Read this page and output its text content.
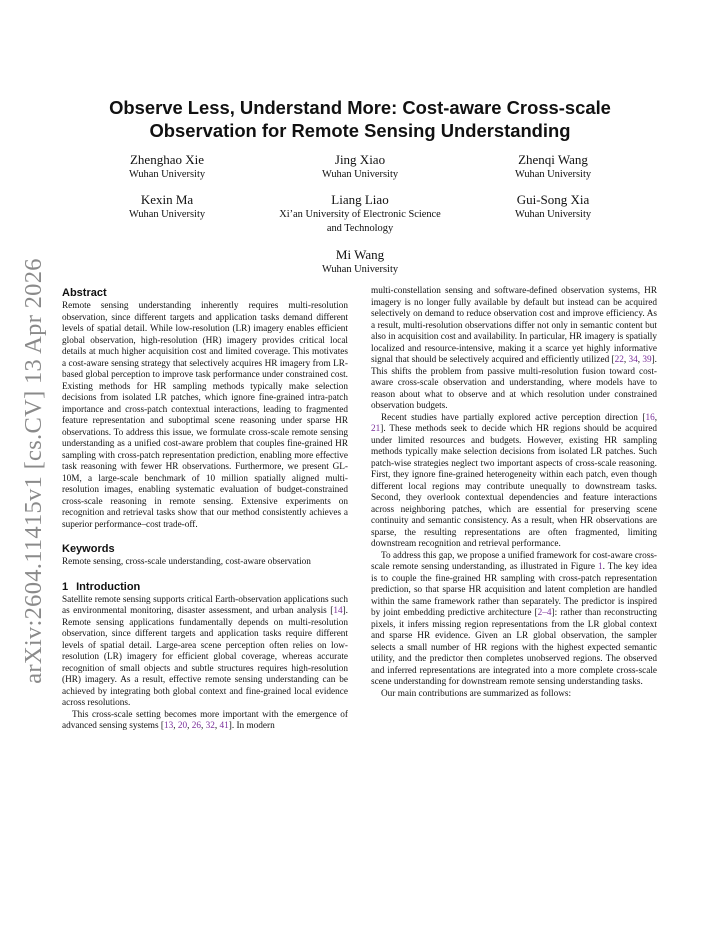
arXiv:2604.11415v1 [cs.CV] 13 Apr 2026
Observe Less, Understand More: Cost-aware Cross-scale
Observation for Remote Sensing Understanding
Zhenghao Xie
Wuhan University
Jing Xiao
Wuhan University
Zhenqi Wang
Wuhan University
Kexin Ma
Wuhan University
Liang Liao
Xi’an University of Electronic Science
and Technology
Gui-Song Xia
Wuhan University
Mi Wang
Wuhan University
Abstract

Remote sensing understanding inherently requires multi-resolution observation, since different targets and application tasks demand different levels of spatial detail. While low-resolution (LR) imagery enables efficient global observation, high-resolution (HR) imagery provides critical local details at much higher acquisition cost and limited coverage. This motivates a cost-aware sensing strategy that selectively acquires HR imagery from LR-based global perception to improve task performance under constrained cost. Existing methods for HR sampling methods typically make selection decisions from isolated LR patches, which ignore fine-grained intra-patch importance and cross-patch contextual interactions, leading to fragmented feature representation and suboptimal scene reasoning under sparse HR observations. To address this issue, we formulate cross-scale remote sensing understanding as a unified cost-aware problem that couples fine-grained HR sampling with cross-patch representation prediction, enabling more effective task reasoning with fewer HR observations. Furthermore, we present GL-10M, a large-scale benchmark of 10 million spatially aligned multi-resolution images, enabling systematic evaluation of budget-constrained cross-scale reasoning in remote sensing. Extensive experiments on recognition and retrieval tasks show that our method consistently achieves a superior performance–cost trade-off.

Keywords

Remote sensing, cross-scale understanding, cost-aware observation

1 Introduction

Satellite remote sensing supports critical Earth-observation applications such as environmental monitoring, disaster assessment, and urban analysis [14]. Remote sensing applications fundamentally depends on multi-resolution observation, since different targets and application tasks require different levels of spatial detail. Large-area scene perception often relies on low-resolution (LR) imagery for efficient global coverage, whereas accurate recognition of small objects and subtle structures requires high-resolution (HR) imagery. As a result, effective remote sensing understanding can be achieved by integrating both global context and fine-grained local evidence across resolutions.

This cross-scale setting becomes more important with the emergence of advanced sensing systems [13, 20, 26, 32, 41]. In modern

multi-constellation sensing and software-defined observation systems, HR imagery is no longer fully available by default but instead can be acquired selectively on demand to reduce observation cost and improve efficiency. As a result, multi-resolution observations differ not only in semantic content but also in acquisition cost and availability. In particular, HR imagery is spatially localized and resource-intensive, making it a scarce yet highly informative signal that should be selectively acquired and efficiently utilized [22, 34, 39]. This shifts the problem from passive multi-resolution fusion toward cost-aware cross-scale observation and understanding, where models have to reason about what to observe and at which resolution under constrained observation budgets.

Recent studies have partially explored active perception direction [16, 21]. These methods seek to decide which HR regions should be acquired under limited resources and budgets. However, existing HR sampling methods typically make selection decisions from isolated LR patches. Such patch-wise strategies neglect two important aspects of cross-scale reasoning. First, they ignore fine-grained heterogeneity within each patch, even though different local regions may contribute unequally to downstream tasks. Second, they overlook contextual dependencies and feature interactions across neighboring patches, which are essential for preserving scene continuity and semantic consistency. As a result, when HR observations are sparse, the resulting representations are often fragmented, limiting downstream recognition and retrieval performance.

To address this gap, we propose a unified framework for cost-aware cross-scale remote sensing understanding, as illustrated in Figure 1. The key idea is to couple the fine-grained HR sampling with cross-patch representation prediction, so that sparse HR acquisition and latent completion are handled within the same framework rather than separately. The predictor is inspired by joint embedding predictive architecture [2–4]: rather than reconstructing pixels, it infers missing region representations from the LR global context and sparse HR evidence. Given an LR global observation, the sampler selects a small number of HR regions with the highest expected semantic utility, and the predictor then completes unobserved regions. The observed and inferred representations are integrated into a more complete cross-scale scene understanding for downstream remote sensing understanding tasks.

Our main contributions are summarized as follows:
